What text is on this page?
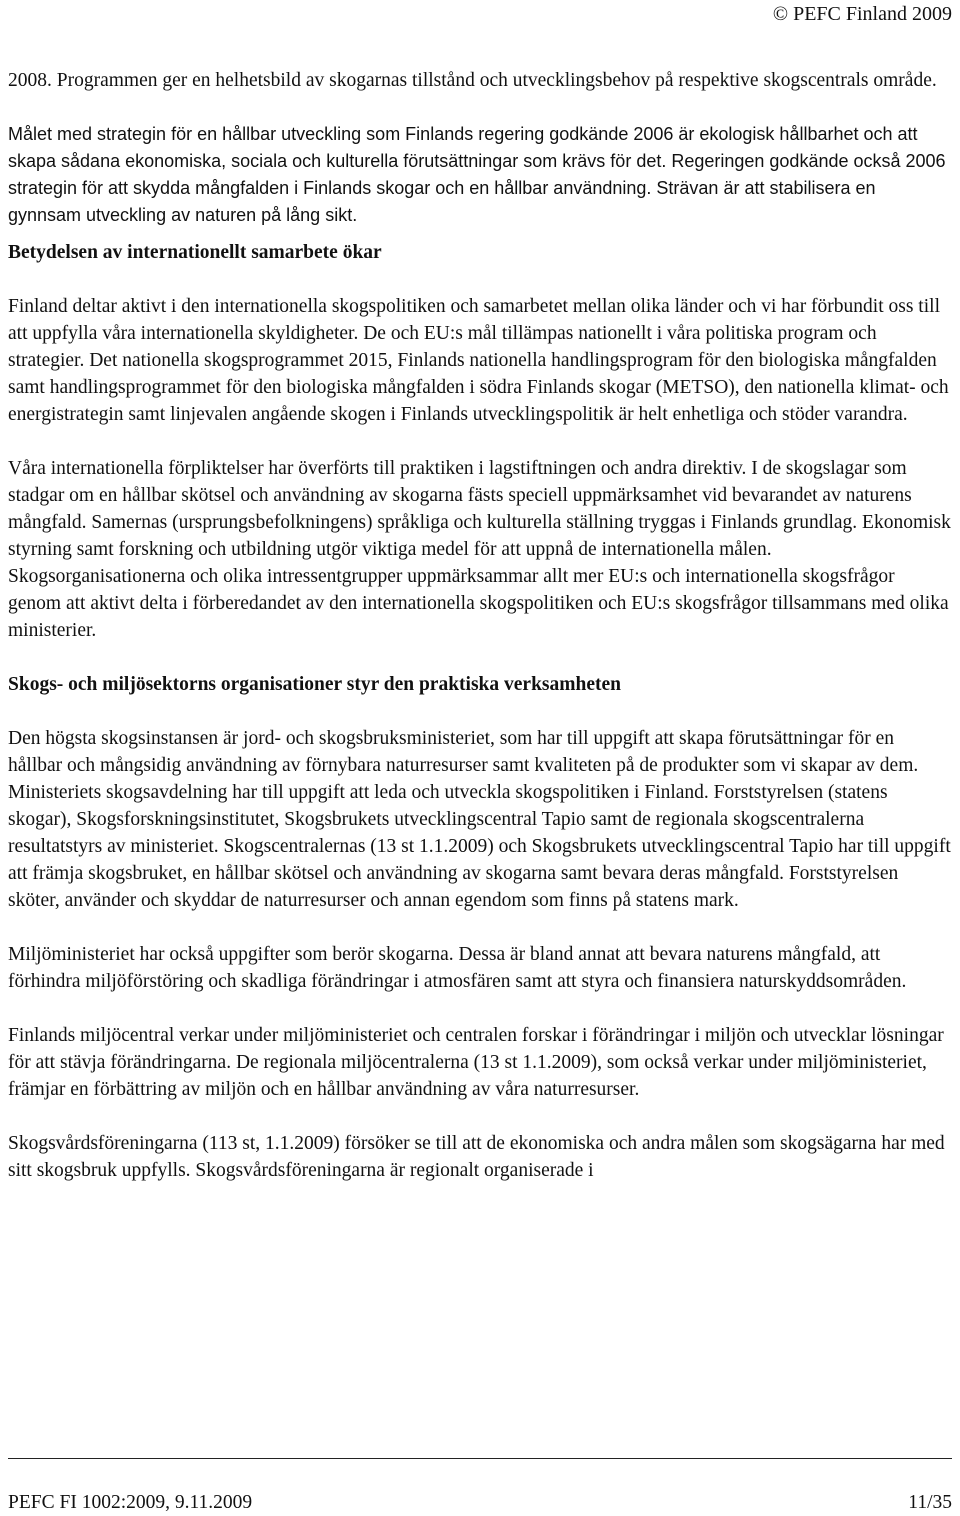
© PEFC Finland 2009

2008. Programmen ger en helhetsbild av skogarnas tillstånd och utvecklingsbehov på respektive skogscentrals område.

Målet med strategin för en hållbar utveckling som Finlands regering godkände 2006 är ekologisk hållbarhet och att skapa sådana ekonomiska, sociala och kulturella förutsättningar som krävs för det. Regeringen godkände också 2006 strategin för att skydda mångfalden i Finlands skogar och en hållbar användning. Strävan är att stabilisera en gynnsam utveckling av naturen på lång sikt.

Betydelsen av internationellt samarbete ökar

Finland deltar aktivt i den internationella skogspolitiken och samarbetet mellan olika länder och vi har förbundit oss till att uppfylla våra internationella skyldigheter. De och EU:s mål tillämpas nationellt i våra politiska program och strategier. Det nationella skogsprogrammet 2015, Finlands nationella handlingsprogram för den biologiska mångfalden samt handlingsprogrammet för den biologiska mångfalden i södra Finlands skogar (METSO), den nationella klimat- och energistrategin samt linjevalen angående skogen i Finlands utvecklingspolitik är helt enhetliga och stöder varandra.

Våra internationella förpliktelser har överförts till praktiken i lagstiftningen och andra direktiv. I de skogslagar som stadgar om en hållbar skötsel och användning av skogarna fästs speciell uppmärksamhet vid bevarandet av naturens mångfald. Samernas (ursprungsbefolkningens) språkliga och kulturella ställning tryggas i Finlands grundlag. Ekonomisk styrning samt forskning och utbildning utgör viktiga medel för att uppnå de internationella målen. Skogsorganisationerna och olika intressentgrupper uppmärksammar allt mer EU:s och internationella skogsfrågor genom att aktivt delta i förberedandet av den internationella skogspolitiken och EU:s skogsfrågor tillsammans med olika ministerier.

Skogs- och miljösektorns organisationer styr den praktiska verksamheten

Den högsta skogsinstansen är jord- och skogsbruksministeriet, som har till uppgift att skapa förutsättningar för en hållbar och mångsidig användning av förnybara naturresurser samt kvaliteten på de produkter som vi skapar av dem. Ministeriets skogsavdelning har till uppgift att leda och utveckla skogspolitiken i Finland. Forststyrelsen (statens skogar), Skogsforskningsinstitutet, Skogsbrukets utvecklingscentral Tapio samt de regionala skogscentralerna resultatstyrs av ministeriet. Skogscentralernas (13 st 1.1.2009) och Skogsbrukets utvecklingscentral Tapio har till uppgift att främja skogsbruket, en hållbar skötsel och användning av skogarna samt bevara deras mångfald. Forststyrelsen sköter, använder och skyddar de naturresurser och annan egendom som finns på statens mark.

Miljöministeriet har också uppgifter som berör skogarna. Dessa är bland annat att bevara naturens mångfald, att förhindra miljöförstöring och skadliga förändringar i atmosfären samt att styra och finansiera naturskyddsområden.

Finlands miljöcentral verkar under miljöministeriet och centralen forskar i förändringar i miljön och utvecklar lösningar för att stävja förändringarna. De regionala miljöcentralerna (13 st 1.1.2009), som också verkar under miljöministeriet, främjar en förbättring av miljön och en hållbar användning av våra naturresurser.

Skogsvårdsföreningarna (113 st, 1.1.2009) försöker se till att de ekonomiska och andra målen som skogsägarna har med sitt skogsbruk uppfylls. Skogsvårdsföreningarna är regionalt organiserade i

PEFC FI 1002:2009, 9.11.2009	11/35
